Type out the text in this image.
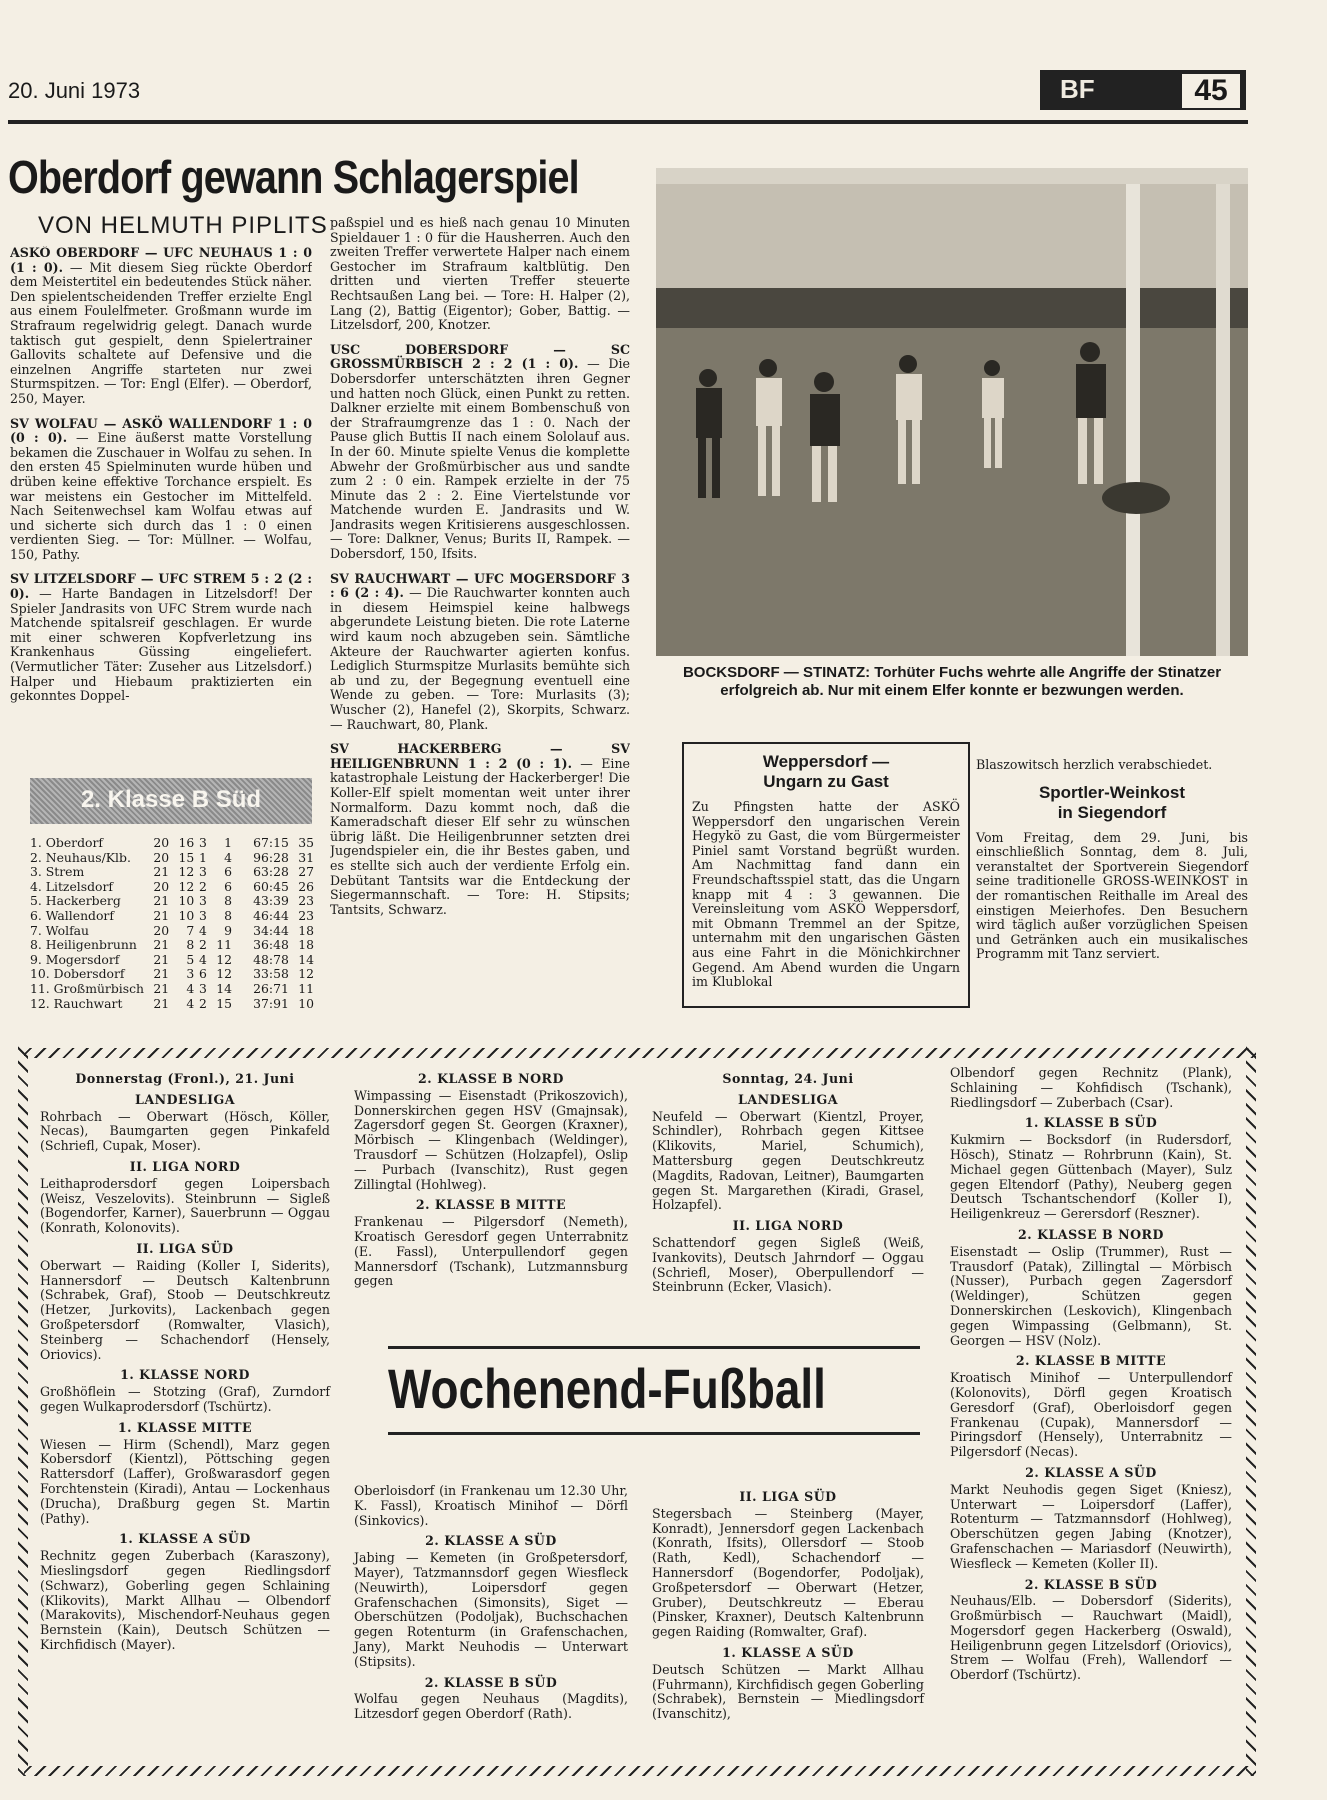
20. Juni 1973	BF	45
Oberdorf gewann Schlagerspiel
VON HELMUTH PIPLITS

ASKÖ OBERDORF — UFC NEUHAUS 1 : 0 (1 : 0). — Mit diesem Sieg rückte Oberdorf dem Meistertitel ein bedeutendes Stück näher. Den spielentscheidenden Treffer erzielte Engl aus einem Foulelfmeter. Großmann wurde im Strafraum regelwidrig gelegt. Danach wurde taktisch gut gespielt, denn Spielertrainer Gallovits schaltete auf Defensive und die einzelnen Angriffe starteten nur zwei Sturmspitzen. — Tor: Engl (Elfer). — Oberdorf, 250, Mayer.

SV WOLFAU — ASKÖ WALLENDORF 1 : 0 (0 : 0). — Eine äußerst matte Vorstellung bekamen die Zuschauer in Wolfau zu sehen. In den ersten 45 Spielminuten wurde hüben und drüben keine effektive Torchance erspielt. Es war meistens ein Gestocher im Mittelfeld. Nach Seitenwechsel kam Wolfau etwas auf und sicherte sich durch das 1 : 0 einen verdienten Sieg. — Tor: Müllner. — Wolfau, 150, Pathy.

SV LITZELSDORF — UFC STREM 5 : 2 (2 : 0). — Harte Bandagen in Litzelsdorf! Der Spieler Jandrasits von UFC Strem wurde nach Matchende spitalsreif geschlagen. Er wurde mit einer schweren Kopfverletzung ins Krankenhaus Güssing eingeliefert. (Vermutlicher Täter: Zuseher aus Litzelsdorf.) Halper und Hiebaum praktizierten ein gekonntes Doppel-

paßspiel und es hieß nach genau 10 Minuten Spieldauer 1 : 0 für die Hausherren. Auch den zweiten Treffer verwertete Halper nach einem Gestocher im Strafraum kaltblütig. Den dritten und vierten Treffer steuerte Rechtsaußen Lang bei. — Tore: H. Halper (2), Lang (2), Battig (Eigentor); Gober, Battig. — Litzelsdorf, 200, Knotzer.

USC DOBERSDORF — SC GROSSMÜRBISCH 2 : 2 (1 : 0). — Die Dobersdorfer unterschätzten ihren Gegner und hatten noch Glück, einen Punkt zu retten. Dalkner erzielte mit einem Bombenschuß von der Strafraumgrenze das 1 : 0. Nach der Pause glich Buttis II nach einem Sololauf aus. In der 60. Minute spielte Venus die komplette Abwehr der Großmürbischer aus und sandte zum 2 : 0 ein. Rampek erzielte in der 75 Minute das 2 : 2. Eine Viertelstunde vor Matchende wurden E. Jandrasits und W. Jandrasits wegen Kritisierens ausgeschlossen. — Tore: Dalkner, Venus; Burits II, Rampek. — Dobersdorf, 150, Ifsits.

SV RAUCHWART — UFC MOGERSDORF 3 : 6 (2 : 4). — Die Rauchwarter konnten auch in diesem Heimspiel keine halbwegs abgerundete Leistung bieten. Die rote Laterne wird kaum noch abzugeben sein. Sämtliche Akteure der Rauchwarter agierten konfus. Lediglich Sturmspitze Murlasits bemühte sich ab und zu, der Begegnung eventuell eine Wende zu geben. — Tore: Murlasits (3); Wuscher (2), Hanefel (2), Skorpits, Schwarz. — Rauchwart, 80, Plank.

SV HACKERBERG — SV HEILIGENBRUNN 1 : 2 (0 : 1). — Eine katastrophale Leistung der Hackerberger! Die Koller-Elf spielt momentan weit unter ihrer Normalform. Dazu kommt noch, daß die Kameradschaft dieser Elf sehr zu wünschen übrig läßt. Die Heiligenbrunner setzten drei Jugendspieler ein, die ihr Bestes gaben, und es stellte sich auch der verdiente Erfolg ein. Debütant Tantsits war die Entdeckung der Siegermannschaft. — Tore: H. Stipsits; Tantsits, Schwarz.

BOCKSDORF — STINATZ: Torhüter Fuchs wehrte alle Angriffe der Stinatzer erfolgreich ab. Nur mit einem Elfer konnte er bezwungen werden.
2. Klasse B Süd
1. Oberdorf	20	16	3	1	67:15	35
2. Neuhaus/Klb.	20	15	1	4	96:28	31
3. Strem	21	12	3	6	63:28	27
4. Litzelsdorf	20	12	2	6	60:45	26
5. Hackerberg	21	10	3	8	43:39	23
6. Wallendorf	21	10	3	8	46:44	23
7. Wolfau	20	7	4	9	34:44	18
8. Heiligenbrunn	21	8	2	11	36:48	18
9. Mogersdorf	21	5	4	12	48:78	14
10. Dobersdorf	21	3	6	12	33:58	12
11. Großmürbisch	21	4	3	14	26:71	11
12. Rauchwart	21	4	2	15	37:91	10
Weppersdorf —
Ungarn zu Gast
Zu Pfingsten hatte der ASKÖ Weppersdorf den ungarischen Verein Hegykö zu Gast, die vom Bürgermeister Piniel samt Vorstand begrüßt wurden. Am Nachmittag fand dann ein Freundschaftsspiel statt, das die Ungarn knapp mit 4 : 3 gewannen. Die Vereinsleitung vom ASKÖ Weppersdorf, mit Obmann Tremmel an der Spitze, unternahm mit den ungarischen Gästen aus eine Fahrt in die Mönichkirchner Gegend. Am Abend wurden die Ungarn im Klublokal
Blaszowitsch herzlich verabschiedet.
Sportler-Weinkost
in Siegendorf
Vom Freitag, dem 29. Juni, bis einschließlich Sonntag, dem 8. Juli, veranstaltet der Sportverein Siegendorf seine traditionelle GROSS-WEINKOST in der romantischen Reithalle im Areal des einstigen Meierhofes. Den Besuchern wird täglich außer vorzüglichen Speisen und Getränken auch ein musikalisches Programm mit Tanz serviert.
Donnerstag (Fronl.), 21. Juni
LANDESLIGA

Rohrbach — Oberwart (Hösch, Köller, Necas), Baumgarten gegen Pinkafeld (Schriefl, Cupak, Moser).

II. LIGA NORD

Leithaprodersdorf gegen Loipersbach (Weisz, Veszelovits). Steinbrunn — Sigleß (Bogendorfer, Karner), Sauerbrunn — Oggau (Konrath, Kolonovits).

II. LIGA SÜD

Oberwart — Raiding (Koller I, Siderits), Hannersdorf — Deutsch Kaltenbrunn (Schrabek, Graf), Stoob — Deutschkreutz (Hetzer, Jurkovits), Lackenbach gegen Großpetersdorf (Romwalter, Vlasich), Steinberg — Schachendorf (Hensely, Oriovics).

1. KLASSE NORD

Großhöflein — Stotzing (Graf), Zurndorf gegen Wulkaprodersdorf (Tschürtz).

1. KLASSE MITTE

Wiesen — Hirm (Schendl), Marz gegen Kobersdorf (Kientzl), Pöttsching gegen Rattersdorf (Laffer), Großwarasdorf gegen Forchtenstein (Kiradi), Antau — Lockenhaus (Drucha), Draßburg gegen St. Martin (Pathy).

1. KLASSE A SÜD

Rechnitz gegen Zuberbach (Karaszony), Mieslingsdorf gegen Riedlingsdorf (Schwarz), Goberling gegen Schlaining (Klikovits), Markt Allhau — Olbendorf (Marakovits), Mischendorf-Neuhaus gegen Bernstein (Kain), Deutsch Schützen — Kirchfidisch (Mayer).

2. KLASSE B NORD

Wimpassing — Eisenstadt (Prikoszovich), Donnerskirchen gegen HSV (Gmajnsak), Zagersdorf gegen St. Georgen (Kraxner), Mörbisch — Klingenbach (Weldinger), Trausdorf — Schützen (Holzapfel), Oslip — Purbach (Ivanschitz), Rust gegen Zillingtal (Hohlweg).

2. KLASSE B MITTE

Frankenau — Pilgersdorf (Nemeth), Kroatisch Geresdorf gegen Unterrabnitz (E. Fassl), Unterpullendorf gegen Mannersdorf (Tschank), Lutzmannsburg gegen

Oberloisdorf (in Frankenau um 12.30 Uhr, K. Fassl), Kroatisch Minihof — Dörfl (Sinkovics).

2. KLASSE A SÜD

Jabing — Kemeten (in Großpetersdorf, Mayer), Tatzmannsdorf gegen Wiesfleck (Neuwirth), Loipersdorf gegen Grafenschachen (Simonsits), Siget — Oberschützen (Podoljak), Buchschachen gegen Rotenturm (in Grafenschachen, Jany), Markt Neuhodis — Unterwart (Stipsits).

2. KLASSE B SÜD

Wolfau gegen Neuhaus (Magdits), Litzesdorf gegen Oberdorf (Rath).

Sonntag, 24. Juni
LANDESLIGA

Neufeld — Oberwart (Kientzl, Proyer, Schindler), Rohrbach gegen Kittsee (Klikovits, Mariel, Schumich), Mattersburg gegen Deutschkreutz (Magdits, Radovan, Leitner), Baumgarten gegen St. Margarethen (Kiradi, Grasel, Holzapfel).

II. LIGA NORD

Schattendorf gegen Sigleß (Weiß, Ivankovits), Deutsch Jahrndorf — Oggau (Schriefl, Moser), Oberpullendorf — Steinbrunn (Ecker, Vlasich).

II. LIGA SÜD

Stegersbach — Steinberg (Mayer, Konradt), Jennersdorf gegen Lackenbach (Konrath, Ifsits), Ollersdorf — Stoob (Rath, Kedl), Schachendorf — Hannersdorf (Bogendorfer, Podoljak), Großpetersdorf — Oberwart (Hetzer, Gruber), Deutschkreutz — Eberau (Pinsker, Kraxner), Deutsch Kaltenbrunn gegen Raiding (Romwalter, Graf).

1. KLASSE A SÜD

Deutsch Schützen — Markt Allhau (Fuhrmann), Kirchfidisch gegen Goberling (Schrabek), Bernstein — Miedlingsdorf (Ivanschitz),

Olbendorf gegen Rechnitz (Plank), Schlaining — Kohfidisch (Tschank), Riedlingsdorf — Zuberbach (Csar).

1. KLASSE B SÜD

Kukmirn — Bocksdorf (in Rudersdorf, Hösch), Stinatz — Rohrbrunn (Kain), St. Michael gegen Güttenbach (Mayer), Sulz gegen Eltendorf (Pathy), Neuberg gegen Deutsch Tschantschendorf (Koller I), Heiligenkreuz — Gerersdorf (Reszner).

2. KLASSE B NORD

Eisenstadt — Oslip (Trummer), Rust — Trausdorf (Patak), Zillingtal — Mörbisch (Nusser), Purbach gegen Zagersdorf (Weldinger), Schützen gegen Donnerskirchen (Leskovich), Klingenbach gegen Wimpassing (Gelbmann), St. Georgen — HSV (Nolz).

2. KLASSE B MITTE

Kroatisch Minihof — Unterpullendorf (Kolonovits), Dörfl gegen Kroatisch Geresdorf (Graf), Oberloisdorf gegen Frankenau (Cupak), Mannersdorf — Piringsdorf (Hensely), Unterrabnitz — Pilgersdorf (Necas).

2. KLASSE A SÜD

Markt Neuhodis gegen Siget (Kniesz), Unterwart — Loipersdorf (Laffer), Rotenturm — Tatzmannsdorf (Hohlweg), Oberschützen gegen Jabing (Knotzer), Grafenschachen — Mariasdorf (Neuwirth), Wiesfleck — Kemeten (Koller II).

2. KLASSE B SÜD

Neuhaus/Elb. — Dobersdorf (Siderits), Großmürbisch — Rauchwart (Maidl), Mogersdorf gegen Hackerberg (Oswald), Heiligenbrunn gegen Litzelsdorf (Oriovics), Strem — Wolfau (Freh), Wallendorf — Oberdorf (Tschürtz).

Wochenend-Fußball
